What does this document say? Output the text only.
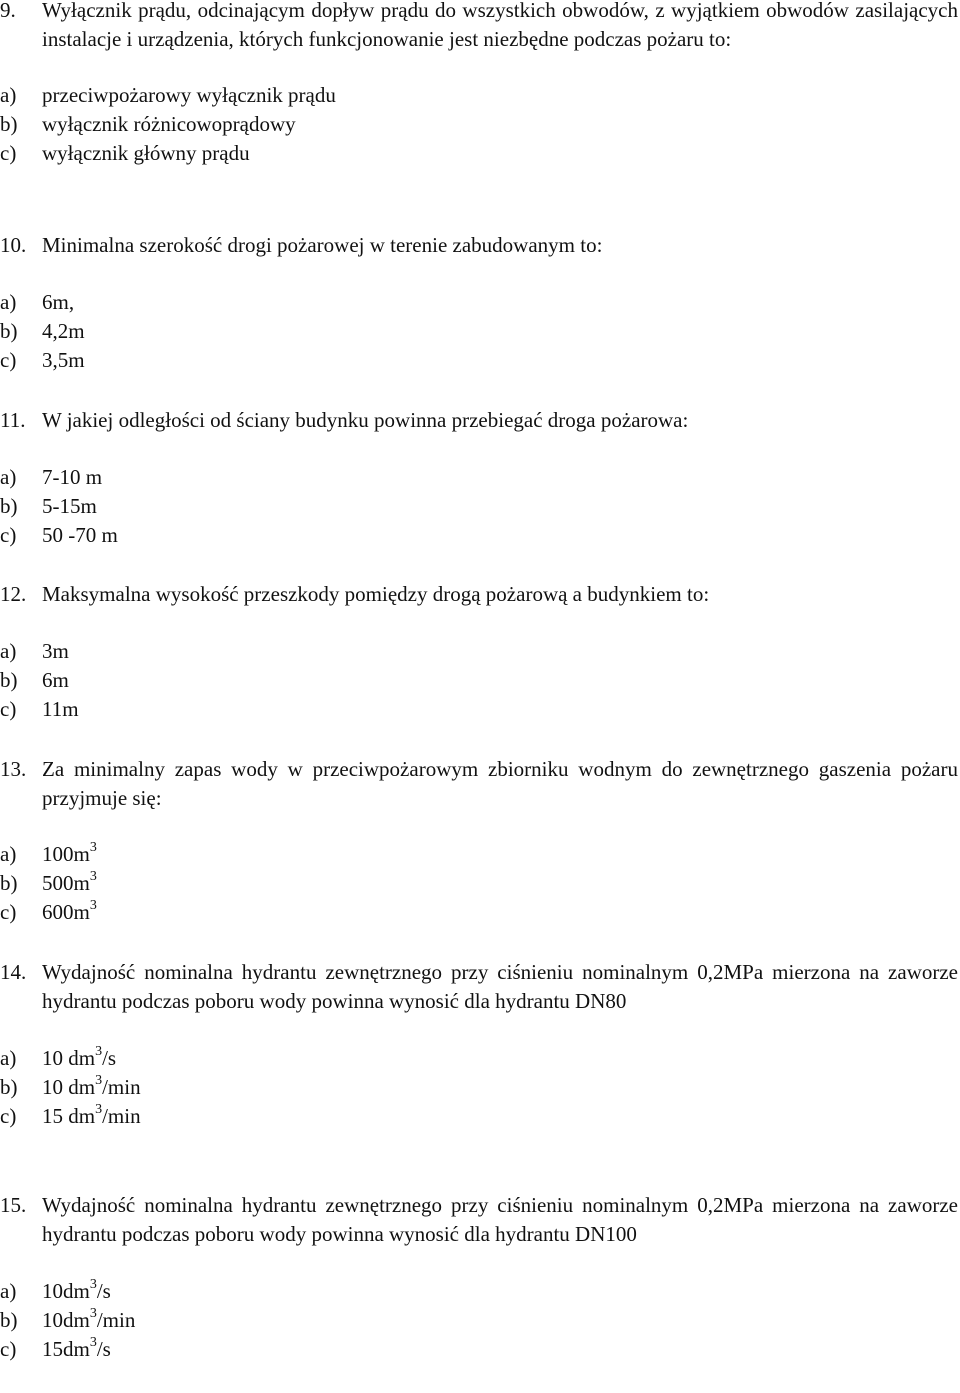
9.	Wyłącznik prądu, odcinającym dopływ prądu do wszystkich obwodów, z wyjątkiem obwodów zasilających instalacje i urządzenia, których funkcjonowanie jest niezbędne podczas pożaru to:
a)	przeciwpożarowy wyłącznik prądu
b)	wyłącznik różnicowoprądowy
c)	wyłącznik główny prądu
10. Minimalna szerokość drogi pożarowej w terenie zabudowanym to:
a)	6m,
b)	4,2m
c)	3,5m
11. W jakiej odległości od ściany budynku powinna przebiegać droga pożarowa:
a)	7-10 m
b)	5-15m
c)	50 -70 m
12. Maksymalna wysokość przeszkody pomiędzy drogą pożarową a budynkiem to:
a)	3m
b)	6m
c)	11m
13. Za minimalny zapas wody w przeciwpożarowym zbiorniku wodnym do zewnętrznego gaszenia pożaru przyjmuje się:
a)	$100m^3$
b)	$500m^3$
c)	$600m^3$
14. Wydajność nominalna hydrantu zewnętrznego przy ciśnieniu nominalnym 0,2MPa mierzona na zaworze hydrantu podczas poboru wody powinna wynosić dla hydrantu DN80
a)	10 $dm^3/s$
b)	10 $dm^3/\min$
c)	15 $dm^3/\min$
15. Wydajność nominalna hydrantu zewnętrznego przy ciśnieniu nominalnym 0,2MPa mierzona na zaworze hydrantu podczas poboru wody powinna wynosić dla hydrantu DN100
a)	$10dm^3/s$
b)	$10dm^3/\min$
c)	$15dm^3/s$
